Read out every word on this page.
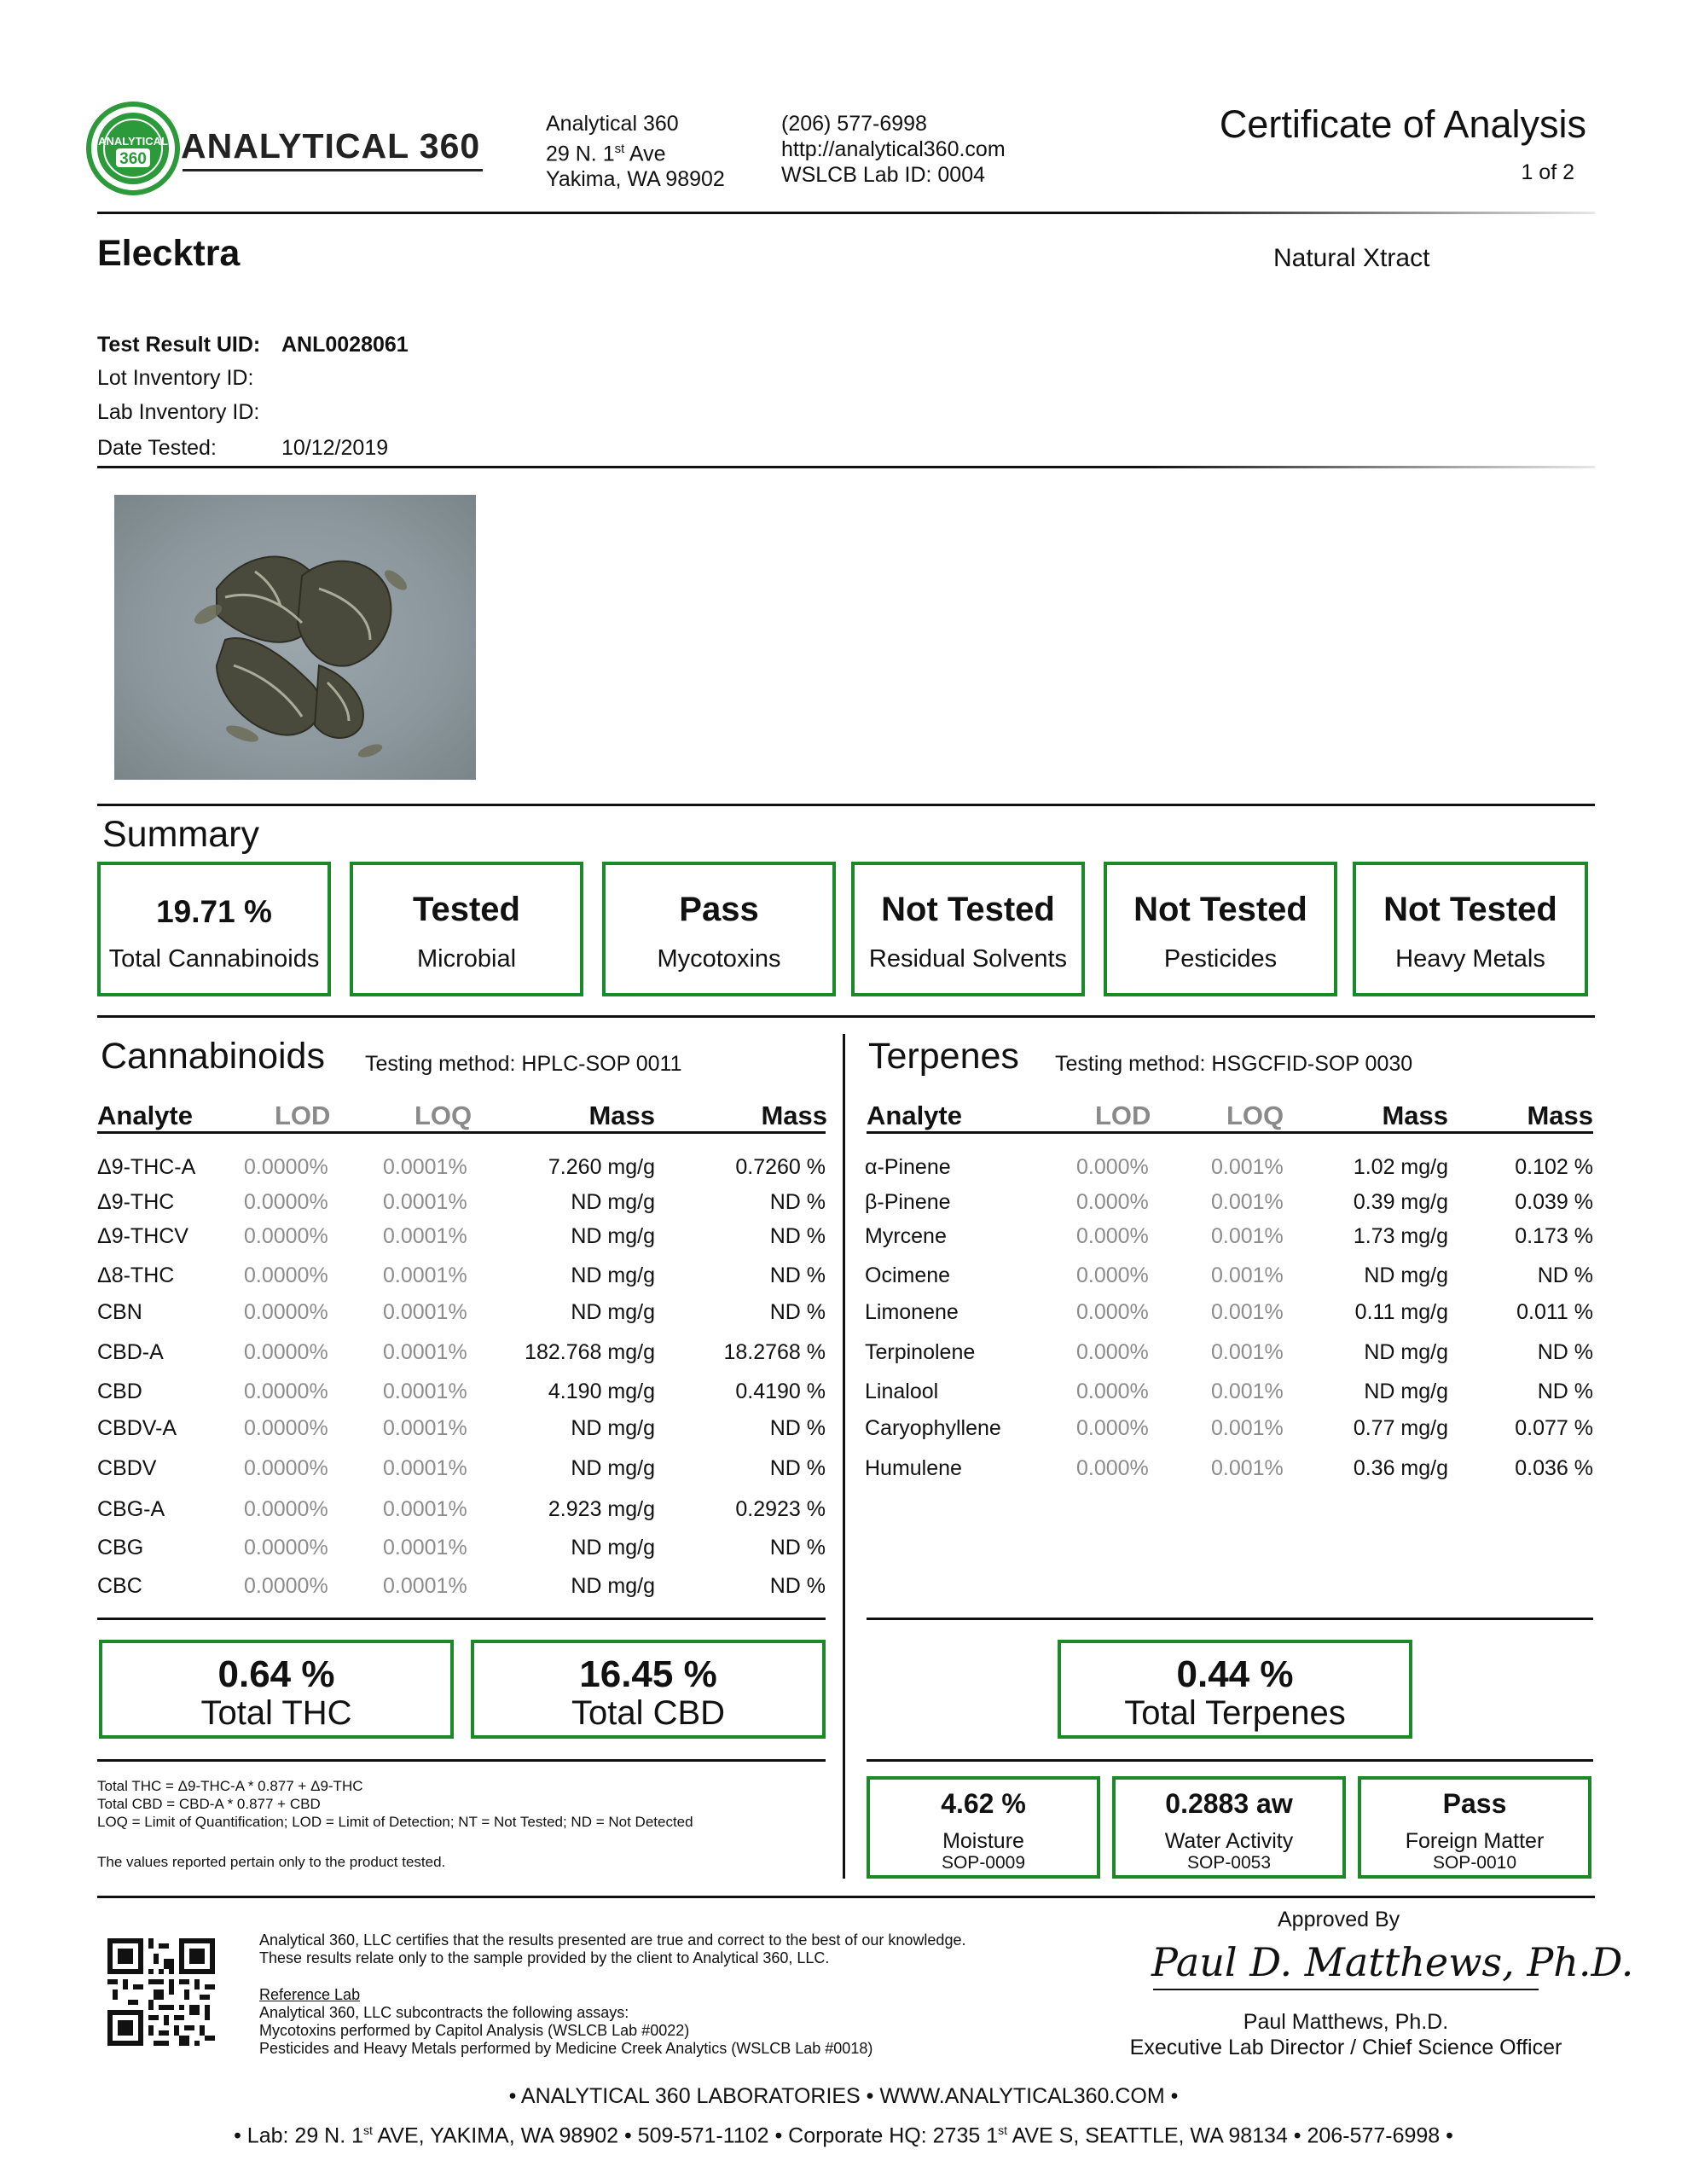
ANALYTICAL
360 ANALYTICAL 360
Analytical 360
29 N. 1st Ave
Yakima, WA 98902
(206) 577-6998
http://analytical360.com
WSLCB Lab ID: 0004
Certificate of Analysis
1 of 2
Elecktra	Natural Xtract
Test Result UID: ANL0028061
Lot Inventory ID:
Lab Inventory ID:
Date Tested:	10/12/2019
Summary
19.71 %
Total Cannabinoids
Tested
Microbial
Pass
Mycotoxins
Not Tested
Residual Solvents
Not Tested
Pesticides
Not Tested
Heavy Metals
Cannabinoids Testing method: HPLC-SOP 0011
Analyte	LOD	LOQ	Mass	Mass
Δ9-THC-A 0.0000%	0.0001%	7.260 mg/g	0.7260 %
Δ9-THC	0.0000%	0.0001%	ND mg/g	ND %
Δ9-THCV	0.0000%	0.0001%	ND mg/g	ND %
Δ8-THC	0.0000%	0.0001%	ND mg/g	ND %
CBN	0.0000%	0.0001%	ND mg/g	ND %
CBD-A	0.0000%	0.0001%	182.768 mg/g	18.2768 %
CBD	0.0000%	0.0001%	4.190 mg/g	0.4190 %
CBDV-A	0.0000%	0.0001%	ND mg/g	ND %
CBDV	0.0000%	0.0001%	ND mg/g	ND %
CBG-A	0.0000%	0.0001%	2.923 mg/g	0.2923 %
CBG	0.0000%	0.0001%	ND mg/g	ND %
CBC	0.0000%	0.0001%	ND mg/g	ND %
0.64 %
Total THC
16.45 %
Total CBD
Total THC = Δ9-THC-A * 0.877 + Δ9-THC
Total CBD = CBD-A * 0.877 + CBD
LOQ = Limit of Quantification; LOD = Limit of Detection; NT = Not Tested; ND = Not Detected
The values reported pertain only to the product tested.
Terpenes Testing method: HSGCFID-SOP 0030
Analyte	LOD	LOQ	Mass	Mass
α-Pinene	0.000%	0.001%	1.02 mg/g	0.102 %
β-Pinene	0.000%	0.001%	0.39 mg/g	0.039 %
Myrcene	0.000%	0.001%	1.73 mg/g	0.173 %
Ocimene	0.000%	0.001%	ND mg/g	ND %
Limonene	0.000%	0.001%	0.11 mg/g	0.011 %
Terpinolene	0.000%	0.001%	ND mg/g	ND %
Linalool	0.000%	0.001%	ND mg/g	ND %
Caryophyllene	0.000%	0.001%	0.77 mg/g	0.077 %
Humulene	0.000%	0.001%	0.36 mg/g	0.036 %
0.44 %
Total Terpenes
4.62 %
Moisture
SOP-0009
0.2883 aw
Water Activity
SOP-0053
Pass
Foreign Matter
SOP-0010
Analytical 360, LLC certifies that the results presented are true and correct to the best of our knowledge.
These results relate only to the sample provided by the client to Analytical 360, LLC.
Reference Lab
Analytical 360, LLC subcontracts the following assays:
Mycotoxins performed by Capitol Analysis (WSLCB Lab #0022)
Pesticides and Heavy Metals performed by Medicine Creek Analytics (WSLCB Lab #0018)
Approved By
Paul D. Matthews, Ph.D.
Paul Matthews, Ph.D.
Executive Lab Director / Chief Science Officer
• ANALYTICAL 360 LABORATORIES • WWW.ANALYTICAL360.COM •
• Lab: 29 N. 1st AVE, YAKIMA, WA 98902 • 509-571-1102 • Corporate HQ: 2735 1st AVE S, SEATTLE, WA 98134 • 206-577-6998 •
